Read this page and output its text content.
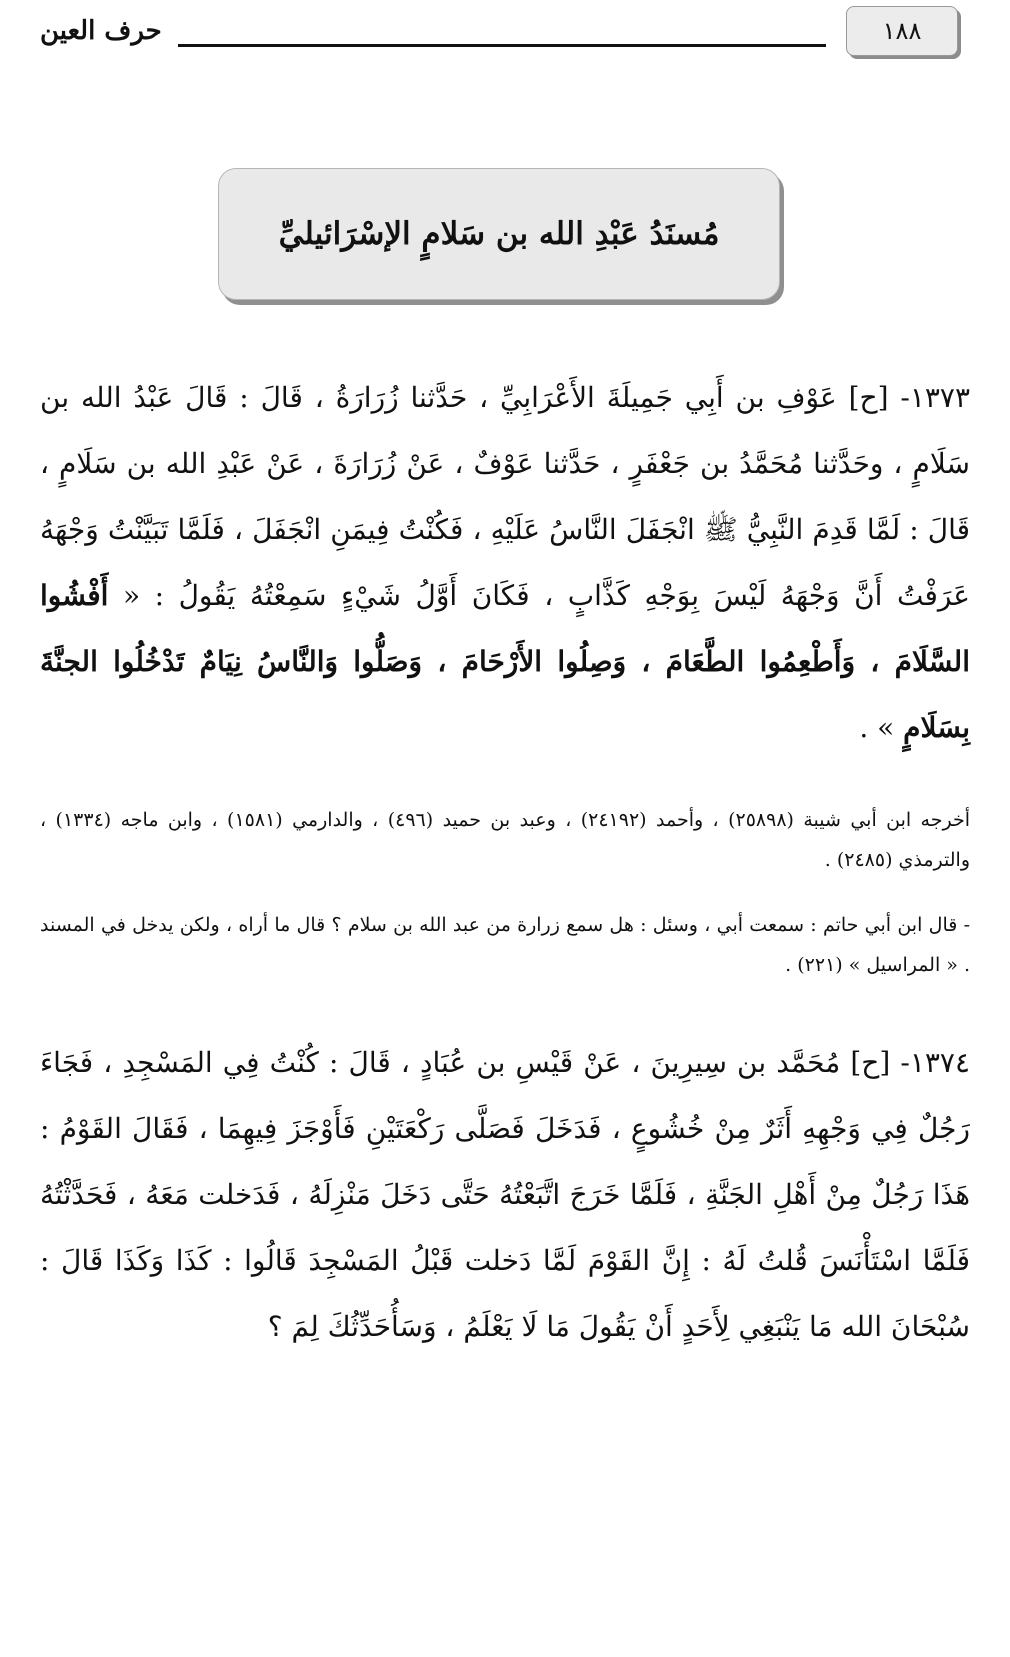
حرف العين	١٨٨
مُسنَدُ عَبْدِ الله بن سَلامٍ الإسْرَائيليِّ
١٣٧٣- [ح] عَوْفِ بن أَبِي جَمِيلَةَ الأَعْرَابِيِّ ، حَدَّثنا زُرَارَةُ ، قَالَ : قَالَ عَبْدُ الله بن سَلَامٍ ، وحَدَّثنا مُحَمَّدُ بن جَعْفَرٍ ، حَدَّثنا عَوْفٌ ، عَنْ زُرَارَةَ ، عَنْ عَبْدِ الله بن سَلَامٍ ، قَالَ : لَمَّا قَدِمَ النَّبِيُّ ﷺ انْجَفَلَ النَّاسُ عَلَيْهِ ، فَكُنْتُ فِيمَنِ انْجَفَلَ ، فَلَمَّا تَبَيَّنْتُ وَجْهَهُ عَرَفْتُ أَنَّ وَجْهَهُ لَيْسَ بِوَجْهِ كَذَّابٍ ، فَكَانَ أَوَّلُ شَيْءٍ سَمِعْتُهُ يَقُولُ : « أَفْشُوا السَّلَامَ ، وَأَطْعِمُوا الطَّعَامَ ، وَصِلُوا الأَرْحَامَ ، وَصَلُّوا وَالنَّاسُ نِيَامٌ تَدْخُلُوا الجنَّةَ بِسَلَامٍ » .
أخرجه ابن أبي شيبة (٢٥٨٩٨) ، وأحمد (٢٤١٩٢) ، وعبد بن حميد (٤٩٦) ، والدارمي (١٥٨١) ، وابن ماجه (١٣٣٤) ، والترمذي (٢٤٨٥) .
- قال ابن أبي حاتم : سمعت أبي ، وسئل : هل سمع زرارة من عبد الله بن سلام ؟ قال ما أراه ، ولكن يدخل في المسند . « المراسيل » (٢٢١) .
١٣٧٤- [ح] مُحَمَّد بن سِيرِينَ ، عَنْ قَيْسِ بن عُبَادٍ ، قَالَ : كُنْتُ فِي المَسْجِدِ ، فَجَاءَ رَجُلٌ فِي وَجْهِهِ أَثَرٌ مِنْ خُشُوعٍ ، فَدَخَلَ فَصَلَّى رَكْعَتَيْنِ فَأَوْجَزَ فِيهِمَا ، فَقَالَ القَوْمُ : هَذَا رَجُلٌ مِنْ أَهْلِ الجَنَّةِ ، فَلَمَّا خَرَجَ اتَّبَعْتُهُ حَتَّى دَخَلَ مَنْزِلَهُ ، فَدَخلت مَعَهُ ، فَحَدَّثْتُهُ فَلَمَّا اسْتَأْنَسَ قُلتُ لَهُ : إِنَّ القَوْمَ لَمَّا دَخلت قَبْلُ المَسْجِدَ قَالُوا : كَذَا وَكَذَا قَالَ : سُبْحَانَ الله مَا يَنْبَغِي لِأَحَدٍ أَنْ يَقُولَ مَا لَا يَعْلَمُ ، وَسَأُحَدِّثُكَ لِمَ ؟
